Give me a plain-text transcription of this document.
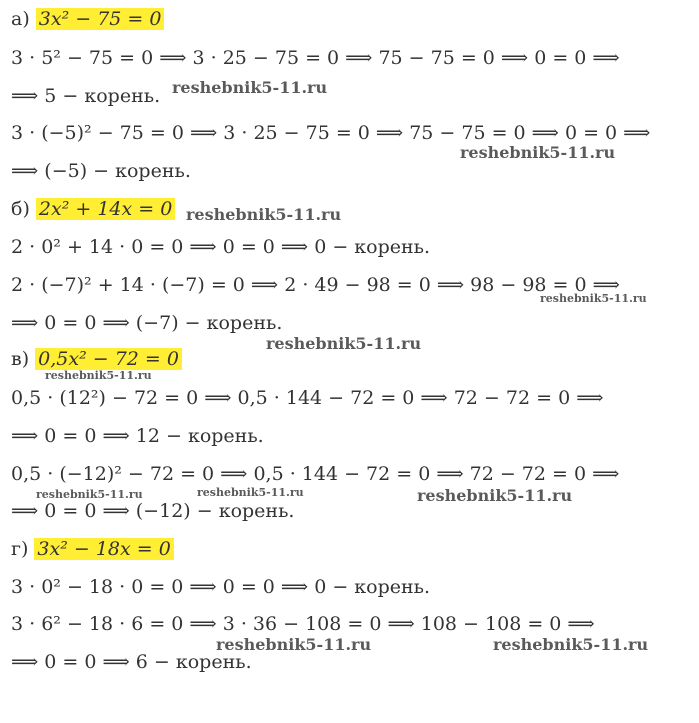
а) 3x² − 75 = 0
3 · 5² − 75 = 0 ⟹ 3 · 25 − 75 = 0 ⟹ 75 − 75 = 0 ⟹ 0 = 0 ⟹
⟹ 5 − корень.
3 · (−5)² − 75 = 0 ⟹ 3 · 25 − 75 = 0 ⟹ 75 − 75 = 0 ⟹ 0 = 0 ⟹
⟹ (−5) − корень.
б) 2x² + 14x = 0
2 · 0² + 14 · 0 = 0 ⟹ 0 = 0 ⟹ 0 − корень.
2 · (−7)² + 14 · (−7) = 0 ⟹ 2 · 49 − 98 = 0 ⟹ 98 − 98 = 0 ⟹
⟹ 0 = 0 ⟹ (−7) − корень.
в) 0,5x² − 72 = 0
0,5 · (12²) − 72 = 0 ⟹ 0,5 · 144 − 72 = 0 ⟹ 72 − 72 = 0 ⟹
⟹ 0 = 0 ⟹ 12 − корень.
0,5 · (−12)² − 72 = 0 ⟹ 0,5 · 144 − 72 = 0 ⟹ 72 − 72 = 0 ⟹
⟹ 0 = 0 ⟹ (−12) − корень.
г) 3x² − 18x = 0
3 · 0² − 18 · 0 = 0 ⟹ 0 = 0 ⟹ 0 − корень.
3 · 6² − 18 · 6 = 0 ⟹ 3 · 36 − 108 = 0 ⟹ 108 − 108 = 0 ⟹
⟹ 0 = 0 ⟹ 6 − корень.
reshebnik5-11.ru
reshebnik5-11.ru
reshebnik5-11.ru
reshebnik5-11.ru
reshebnik5-11.ru
reshebnik5-11.ru
reshebnik5-11.ru	reshebnik5-11.ru	reshebnik5-11.ru
reshebnik5-11.ru	reshebnik5-11.ru
